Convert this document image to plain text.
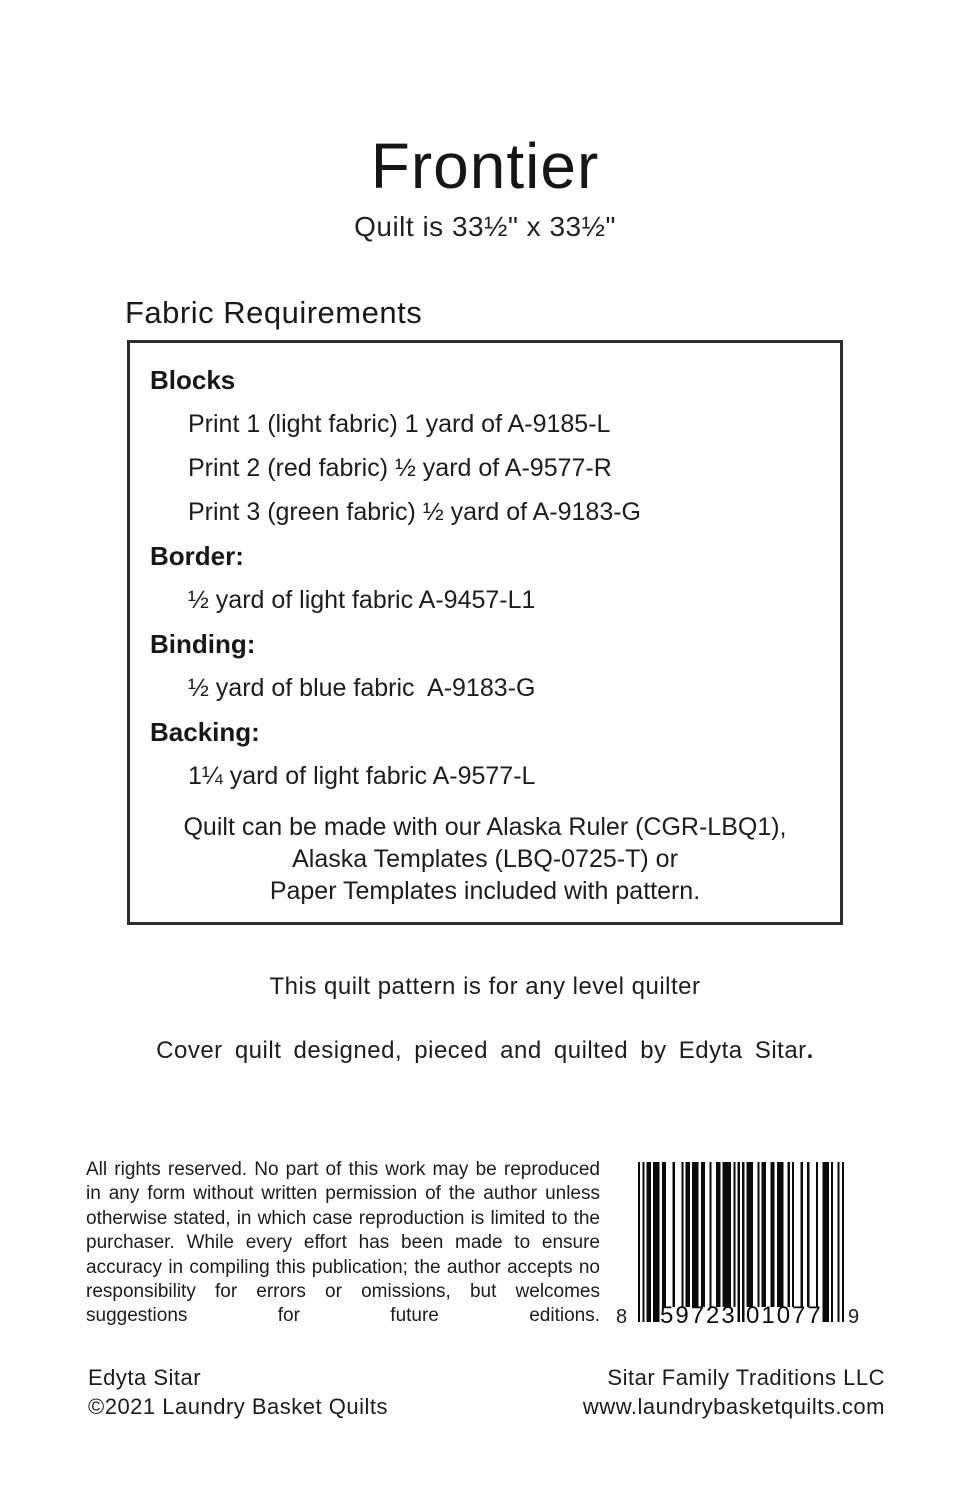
Frontier
Quilt is 33½" x 33½"
Fabric Requirements
Blocks
Print 1 (light fabric) 1 yard of A-9185-L
Print 2 (red fabric) ½ yard of A-9577-R
Print 3 (green fabric) ½ yard of A-9183-G
Border:
½ yard of light fabric A-9457-L1
Binding:
½ yard of blue fabric  A-9183-G
Backing:
1¼ yard of light fabric A-9577-L
Quilt can be made with our Alaska Ruler (CGR-LBQ1),
Alaska Templates (LBQ-0725-T) or
Paper Templates included with pattern.
This quilt pattern is for any level quilter
Cover quilt designed, pieced and quilted by Edyta Sitar.
All rights reserved. No part of this work may be reproduced in any form without written permission of the author unless otherwise stated, in which case reproduction is limited to the purchaser. While every effort has been made to ensure accuracy in compiling this publication; the author accepts no responsibility for errors or omissions, but welcomes suggestions for future editions. 8 59723 01077 9
Edyta Sitar
©2021 Laundry Basket Quilts
Sitar Family Traditions LLC
www.laundrybasketquilts.com
